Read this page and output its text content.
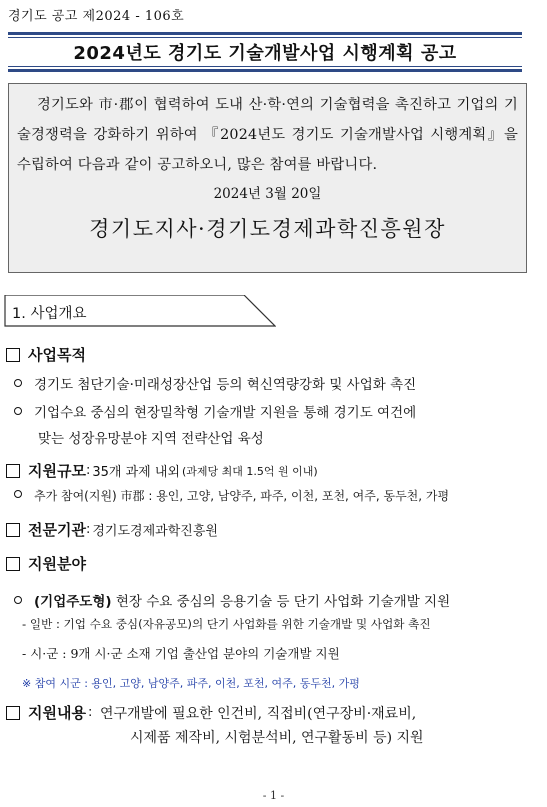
경기도 공고 제2024 - 106호
2024년도 경기도 기술개발사업 시행계획 공고
경기도와 市·郡이 협력하여 도내 산·학·연의 기술협력을 촉진하고 기업의 기술경쟁력을 강화하기 위하여 『2024년도 경기도 기술개발사업 시행계획』을 수립하여 다음과 같이 공고하오니, 많은 참여를 바랍니다.
2024년 3월 20일
경기도지사·경기도경제과학진흥원장
1. 사업개요
사업목적
경기도 첨단기술·미래성장산업 등의 혁신역량강화 및 사업화 촉진
기업수요 중심의 현장밀착형 기술개발 지원을 통해 경기도 여건에
맞는 성장유망분야 지역 전략산업 육성
지원규모 : 35개 과제 내외 (과제당 최대 1.5억 원 이내)
추가 참여(지원) 市郡 : 용인, 고양, 남양주, 파주, 이천, 포천, 여주, 동두천, 가평
전문기관 : 경기도경제과학진흥원
지원분야
(기업주도형) 현장 수요 중심의 응용기술 등 단기 사업화 기술개발 지원
- 일반 : 기업 수요 중심(자유공모)의 단기 사업화를 위한 기술개발 및 사업화 촉진
- 시·군 : 9개 시·군 소재 기업 출산업 분야의 기술개발 지원
※ 참여 시군 : 용인, 고양, 남양주, 파주, 이천, 포천, 여주, 동두천, 가평
지원내용 : 연구개발에 필요한 인건비, 직접비(연구장비·재료비,
시제품 제작비, 시험분석비, 연구활동비 등) 지원
- 1 -
